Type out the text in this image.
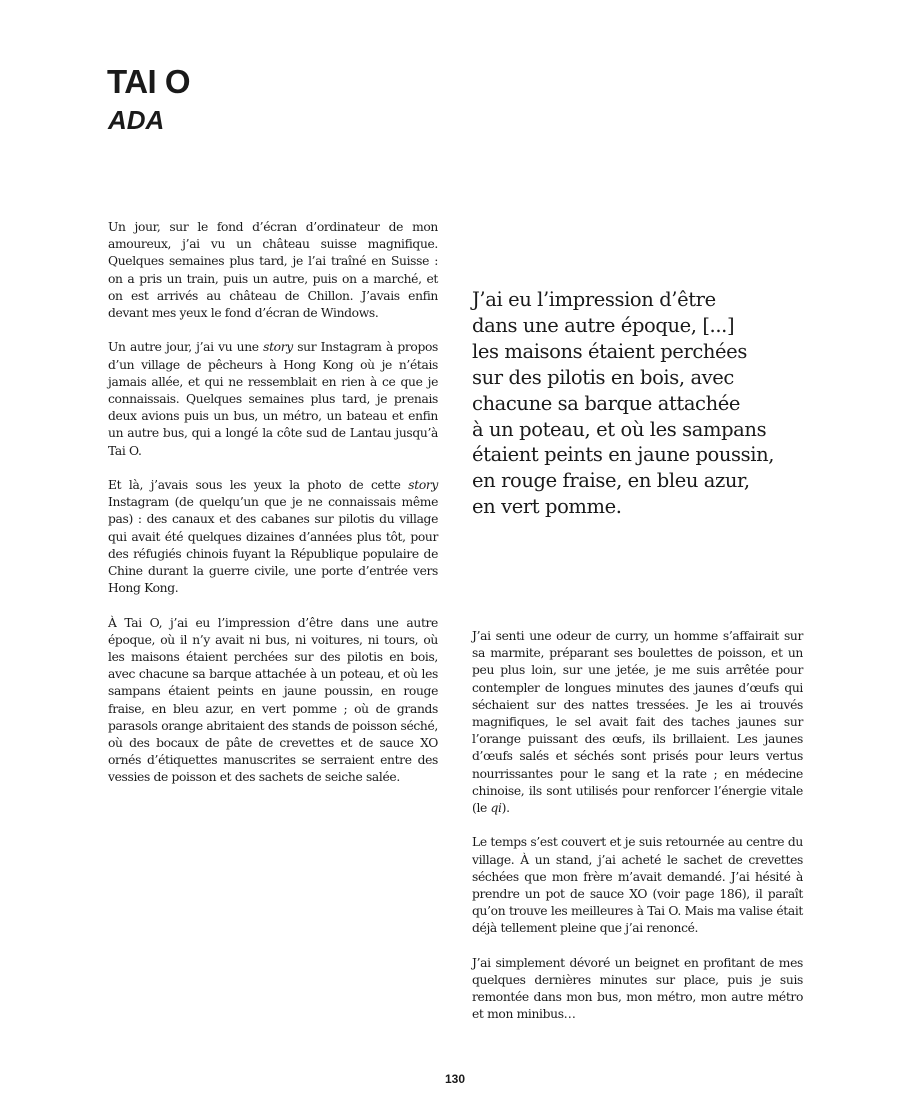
TAI O
ADA

Un jour, sur le fond d’écran d’ordinateur de mon amoureux, j’ai vu un château suisse magnifique. Quelques semaines plus tard, je l’ai traîné en Suisse : on a pris un train, puis un autre, puis on a marché, et on est arrivés au château de Chillon. J’avais enfin devant mes yeux le fond d’écran de Windows.

Un autre jour, j’ai vu une story sur Instagram à propos d’un village de pêcheurs à Hong Kong où je n’étais jamais allée, et qui ne ressemblait en rien à ce que je connaissais. Quelques semaines plus tard, je prenais deux avions puis un bus, un métro, un bateau et enfin un autre bus, qui a longé la côte sud de Lantau jusqu’à Tai O.

Et là, j’avais sous les yeux la photo de cette story Instagram (de quelqu’un que je ne connaissais même pas) : des canaux et des cabanes sur pilotis du village qui avait été quelques dizaines d’années plus tôt, pour des réfugiés chinois fuyant la République populaire de Chine durant la guerre civile, une porte d’entrée vers Hong Kong.

À Tai O, j’ai eu l’impression d’être dans une autre époque, où il n’y avait ni bus, ni voitures, ni tours, où les maisons étaient perchées sur des pilotis en bois, avec chacune sa barque attachée à un poteau, et où les sampans étaient peints en jaune poussin, en rouge fraise, en bleu azur, en vert pomme ; où de grands parasols orange abritaient des stands de poisson séché, où des bocaux de pâte de crevettes et de sauce XO ornés d’étiquettes manuscrites se serraient entre des vessies de poisson et des sachets de seiche salée.

J’ai eu l’impression d’être
dans une autre époque, [...]
les maisons étaient perchées
sur des pilotis en bois, avec
chacune sa barque attachée
à un poteau, et où les sampans
étaient peints en jaune poussin,
en rouge fraise, en bleu azur,
en vert pomme.

J’ai senti une odeur de curry, un homme s’affairait sur sa marmite, préparant ses boulettes de poisson, et un peu plus loin, sur une jetée, je me suis arrêtée pour contempler de longues minutes des jaunes d’œufs qui séchaient sur des nattes tressées. Je les ai trouvés magnifiques, le sel avait fait des taches jaunes sur l’orange puissant des œufs, ils brillaient. Les jaunes d’œufs salés et séchés sont prisés pour leurs vertus nourrissantes pour le sang et la rate ; en médecine chinoise, ils sont utilisés pour renforcer l’énergie vitale (le qi).

Le temps s’est couvert et je suis retournée au centre du village. À un stand, j’ai acheté le sachet de crevettes séchées que mon frère m’avait demandé. J’ai hésité à prendre un pot de sauce XO (voir page 186), il paraît qu’on trouve les meilleures à Tai O. Mais ma valise était déjà tellement pleine que j’ai renoncé.

J’ai simplement dévoré un beignet en profitant de mes quelques dernières minutes sur place, puis je suis remontée dans mon bus, mon métro, mon autre métro et mon minibus…

130
